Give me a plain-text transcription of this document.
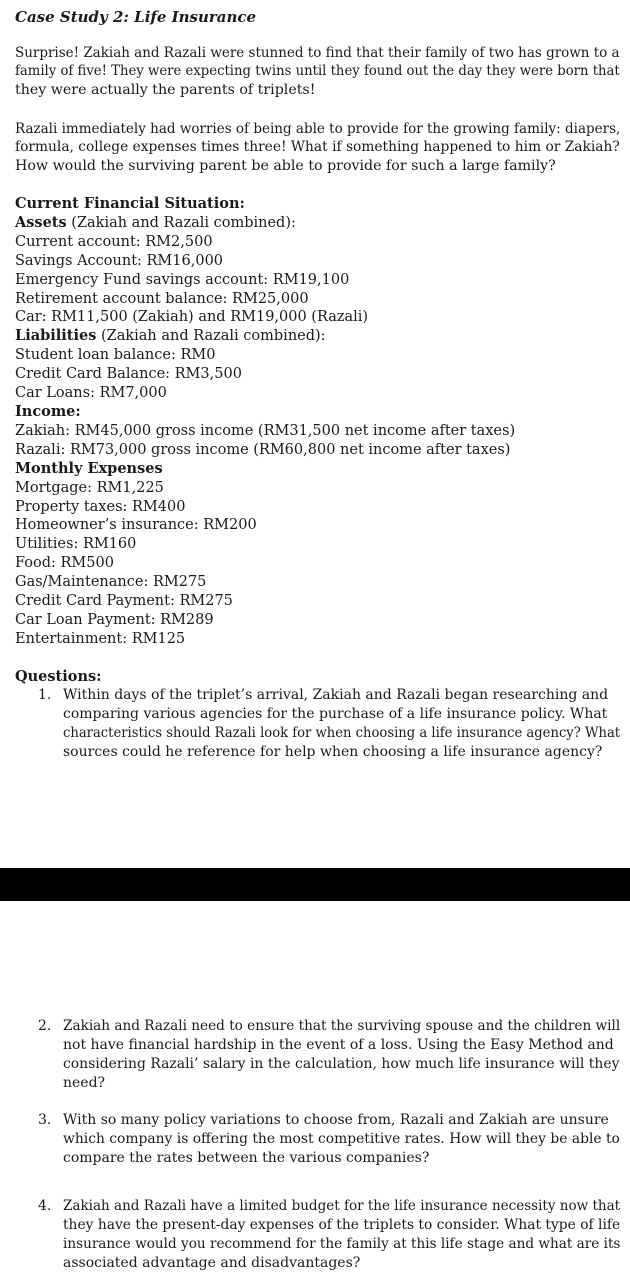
Case Study 2: Life Insurance
Surprise! Zakiah and Razali were stunned to find that their family of two has grown to a
family of five! They were expecting twins until they found out the day they were born that
they were actually the parents of triplets!
Razali immediately had worries of being able to provide for the growing family: diapers,
formula, college expenses times three! What if something happened to him or Zakiah?
How would the surviving parent be able to provide for such a large family?
Current Financial Situation:
Assets (Zakiah and Razali combined):
Current account: RM2,500
Savings Account: RM16,000
Emergency Fund savings account: RM19,100
Retirement account balance: RM25,000
Car: RM11,500 (Zakiah) and RM19,000 (Razali)
Liabilities (Zakiah and Razali combined):
Student loan balance: RM0
Credit Card Balance: RM3,500
Car Loans: RM7,000
Income:
Zakiah: RM45,000 gross income (RM31,500 net income after taxes)
Razali: RM73,000 gross income (RM60,800 net income after taxes)
Monthly Expenses
Mortgage: RM1,225
Property taxes: RM400
Homeowner’s insurance: RM200
Utilities: RM160
Food: RM500
Gas/Maintenance: RM275
Credit Card Payment: RM275
Car Loan Payment: RM289
Entertainment: RM125
Questions:
1. Within days of the triplet’s arrival, Zakiah and Razali began researching and
comparing various agencies for the purchase of a life insurance policy. What
characteristics should Razali look for when choosing a life insurance agency? What
sources could he reference for help when choosing a life insurance agency?
2. Zakiah and Razali need to ensure that the surviving spouse and the children will
not have financial hardship in the event of a loss. Using the Easy Method and
considering Razali’ salary in the calculation, how much life insurance will they
need?
3. With so many policy variations to choose from, Razali and Zakiah are unsure
which company is offering the most competitive rates. How will they be able to
compare the rates between the various companies?
4. Zakiah and Razali have a limited budget for the life insurance necessity now that
they have the present-day expenses of the triplets to consider. What type of life
insurance would you recommend for the family at this life stage and what are its
associated advantage and disadvantages?
